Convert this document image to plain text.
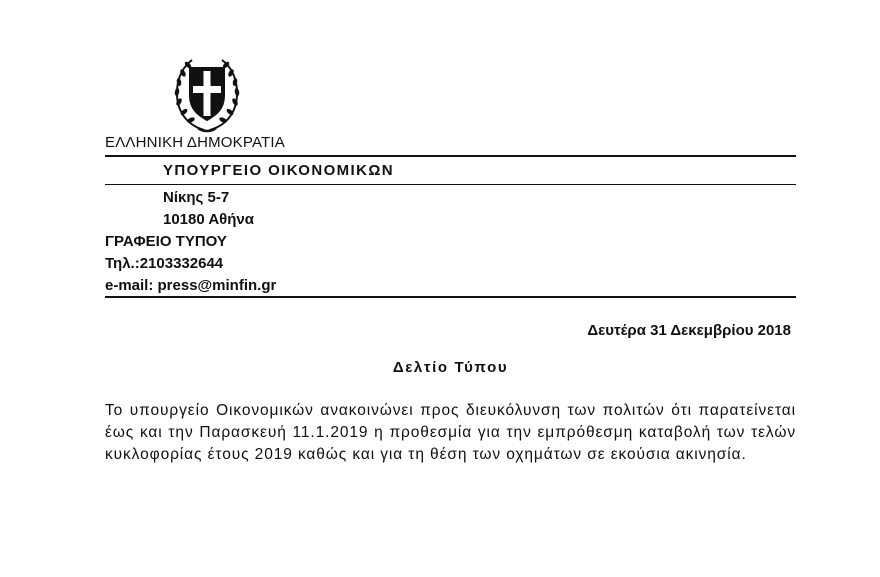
ΕΛΛΗΝΙΚΗ ΔΗΜΟΚΡΑΤΙΑ
ΥΠΟΥΡΓΕΙΟ ΟΙΚΟΝΟΜΙΚΩΝ
Νίκης 5-7
10180 Αθήνα
ΓΡΑΦΕΙΟ ΤΥΠΟΥ
Τηλ.:2103332644
e-mail: press@minfin.gr
Δευτέρα 31 Δεκεμβρίου 2018
Δελτίο Τύπου
Το υπουργείο Οικονομικών ανακοινώνει προς διευκόλυνση των πολιτών ότι παρατείνεται έως και την Παρασκευή 11.1.2019 η προθεσμία για την εμπρόθεσμη καταβολή των τελών κυκλοφορίας έτους 2019 καθώς και για τη θέση των οχημάτων σε εκούσια ακινησία.
